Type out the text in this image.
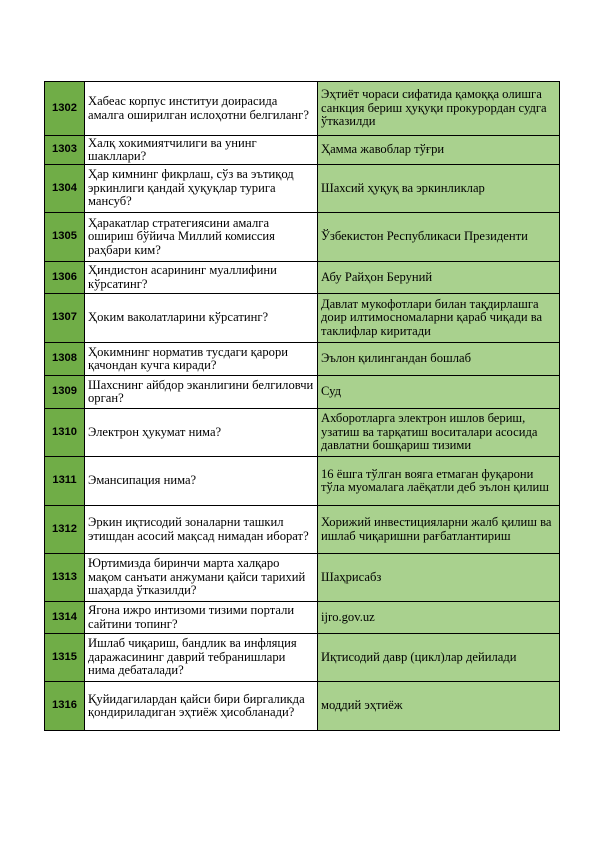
1302	Хабеас корпус институи доирасида амалга оширилган ислоҳотни белгиланг?	Эҳтиёт чораси сифатида қамоққа олишга санкция бериш ҳуқуқи прокурордан судга ўтказилди
1303	Халқ хокимиятчилиги ва унинг шакллари?	Ҳамма жавоблар тўғри
1304	Ҳар кимнинг фикрлаш, сўз ва эътиқод эркинлиги қандай ҳуқуқлар турига мансуб?	Шахсий ҳуқуқ ва эркинликлар
1305	Ҳаракатлар стратегиясини амалга ошириш бўйича Миллий комиссия раҳбари ким?	Ўзбекистон Республикаси Президенти
1306	Ҳиндистон асарининг муаллифини кўрсатинг?	Абу Райҳон Беруний
1307	Ҳоким ваколатларини кўрсатинг?	Давлат мукофотлари билан тақдирлашга доир илтимосномаларни қараб чиқади ва таклифлар киритади
1308	Ҳокимнинг норматив тусдаги қарори қачондан кучга киради?	Эълон қилингандан бошлаб
1309	Шахснинг айбдор эканлигини белгиловчи орган?	Суд
1310	Электрон ҳукумат нима?	Ахборотларга электрон ишлов бериш, узатиш ва тарқатиш воситалари асосида давлатни бошқариш тизими
1311	Эмансипация нима?	16 ёшга тўлган вояга етмаган фуқарони тўла муомалага лаёқатли деб эълон қилиш
1312	Эркин иқтисодий зоналарни ташкил этишдан асосий мақсад нимадан иборат?	Хорижий инвестицияларни жалб қилиш ва ишлаб чиқаришни рағбатлантириш
1313	Юртимизда биринчи марта халқаро мақом санъати анжумани қайси тарихий шаҳарда ўтказилди?	Шаҳрисабз
1314	Ягона ижро интизоми тизими портали сайтини топинг?	ijro.gov.uz
1315	Ишлаб чиқариш, бандлик ва инфляция даражасининг даврий тебранишлари нима дебаталади?	Иқтисодий давр (цикл)лар дейилади
1316	Қуйидагилардан қайси бири биргаликда қондириладиган эҳтиёж ҳисобланади?	моддий эҳтиёж
